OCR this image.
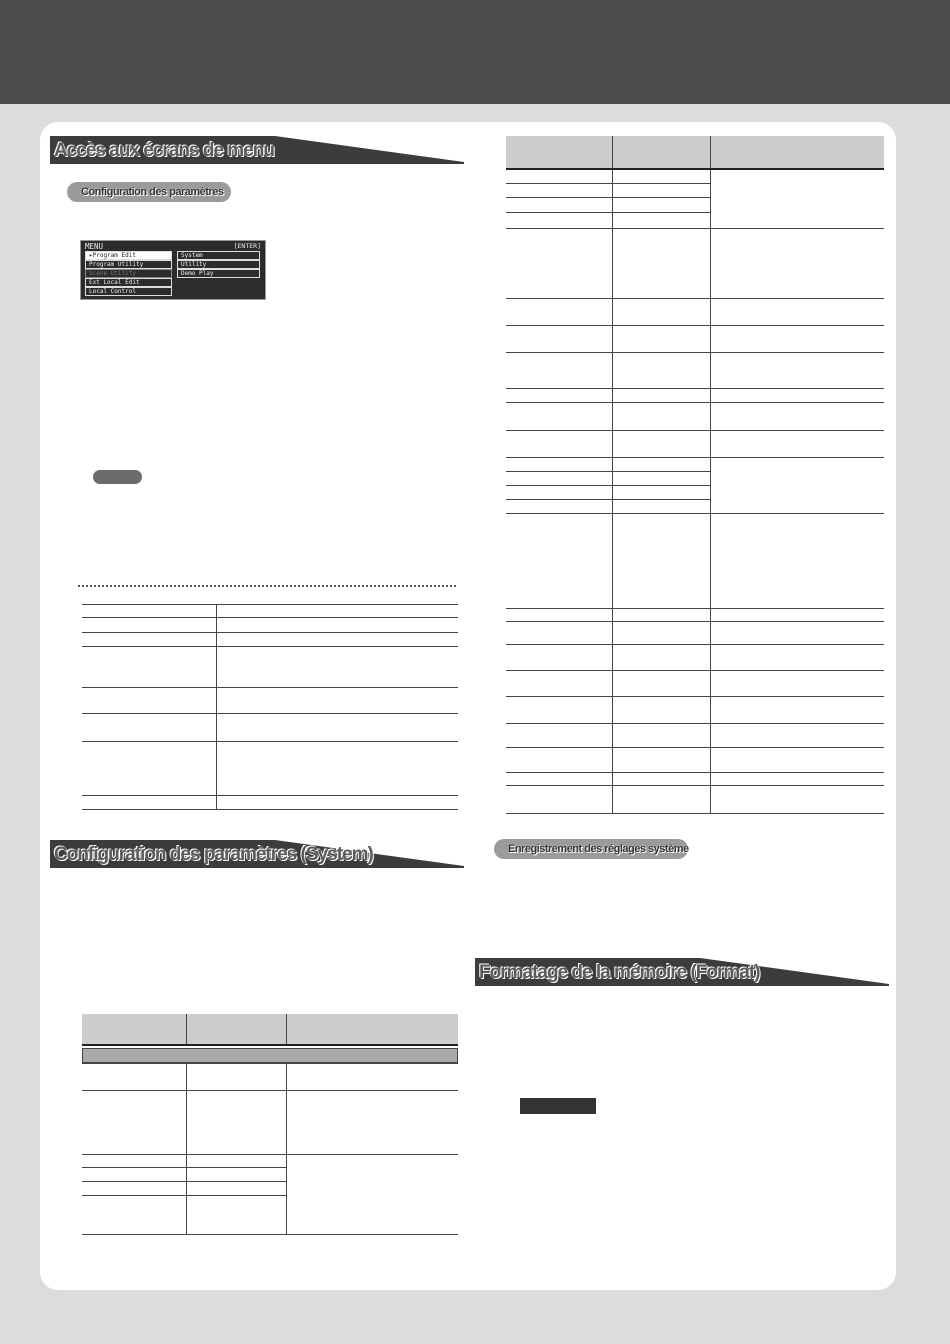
Accès aux écrans de menu
Configuration des paramètres
MENU	[ENTER]
▸Program Edit
Program Utility
Scene Utility
Ext Local Edit
Local Control
System
Utility
Demo Play
Configuration des paramètres (System)	Enregistrement des réglages système
Formatage de la mémoire (Format)
